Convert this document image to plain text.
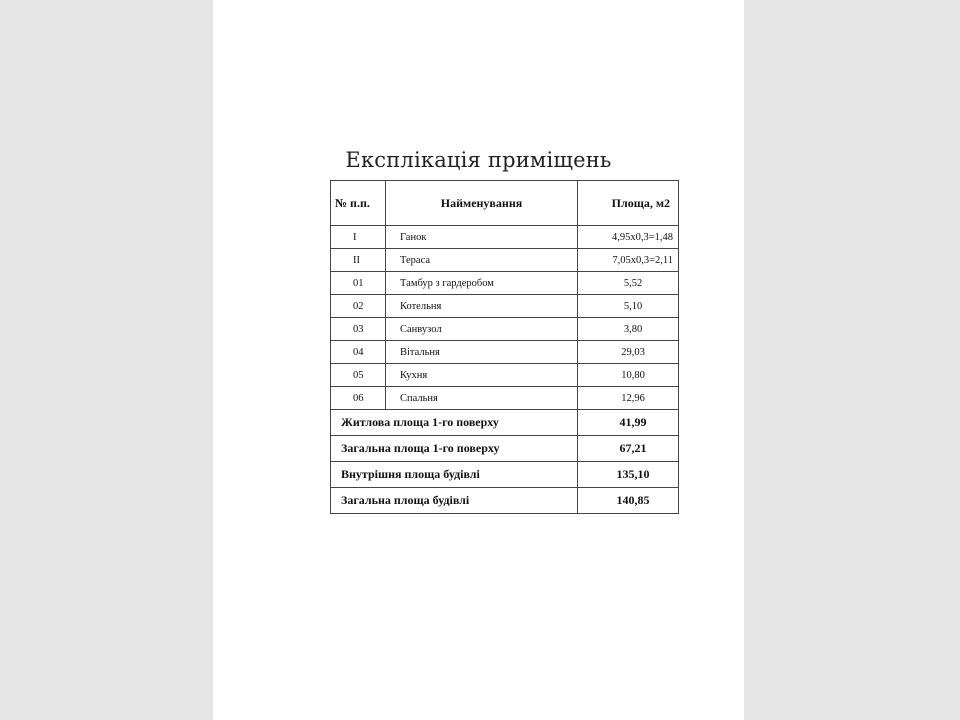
Експлікація приміщень
№ п.п.	Найменування	Площа, м2
I	Ганок	4,95х0,3=1,48
II	Тераса	7,05х0,3=2,11
01	Тамбур з гардеробом	5,52
02	Котельня	5,10
03	Санвузол	3,80
04	Вітальня	29,03
05	Кухня	10,80
06	Спальня	12,96
Житлова площа 1-го поверху		41,99
Загальна площа 1-го поверху		67,21
Внутрішня площа будівлі		135,10
Загальна площа будівлі		140,85
